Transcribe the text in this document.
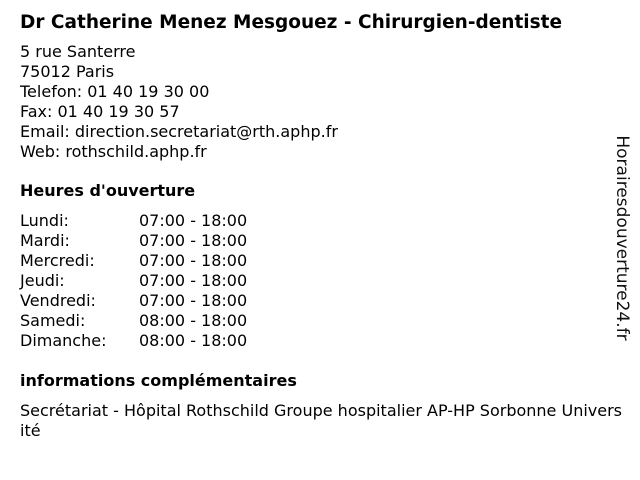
Dr Catherine Menez Mesgouez - Chirurgien-dentiste
5 rue Santerre
75012 Paris
Telefon: 01 40 19 30 00
Fax: 01 40 19 30 57
Email: direction.secretariat@rth.aphp.fr
Web: rothschild.aphp.fr
Heures d'ouverture
Lundi:	07:00 - 18:00
Mardi:	07:00 - 18:00
Mercredi:	07:00 - 18:00
Jeudi:	07:00 - 18:00
Vendredi:	07:00 - 18:00
Samedi:	08:00 - 18:00
Dimanche:	08:00 - 18:00
informations complémentaires
Secrétariat - Hôpital Rothschild Groupe hospitalier AP-HP Sorbonne Université
Horairesdouverture24.fr
